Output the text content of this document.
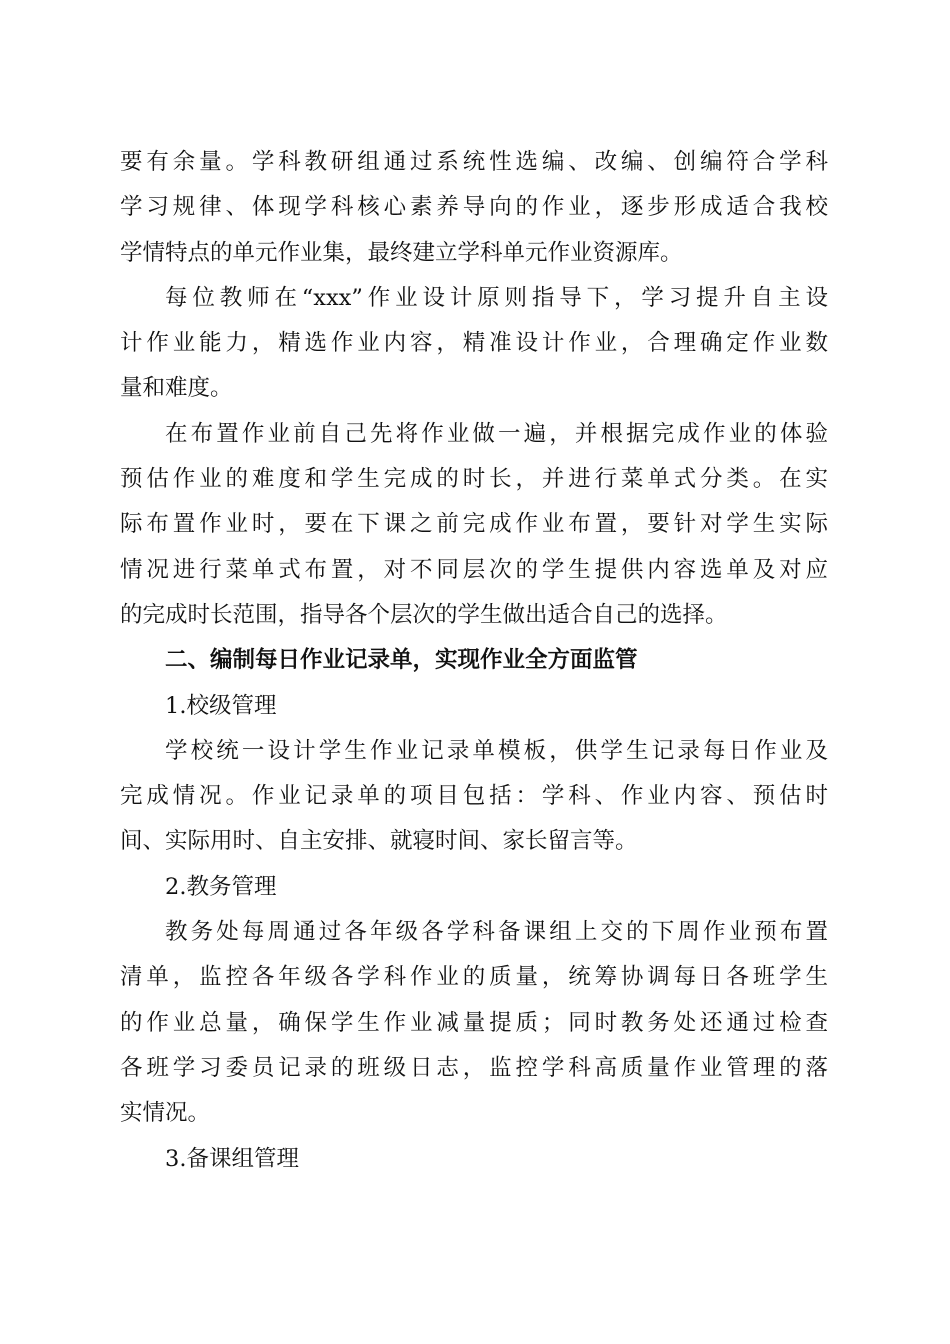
要有余量。学科教研组通过系统性选编、改编、创编符合学科
学习规律、体现学科核心素养导向的作业，逐步形成适合我校
学情特点的单元作业集，最终建立学科单元作业资源库。
每位教师在“xxx”作业设计原则指导下，学习提升自主设
计作业能力，精选作业内容，精准设计作业，合理确定作业数
量和难度。
在布置作业前自己先将作业做一遍，并根据完成作业的体验
预估作业的难度和学生完成的时长，并进行菜单式分类。在实
际布置作业时，要在下课之前完成作业布置，要针对学生实际
情况进行菜单式布置，对不同层次的学生提供内容选单及对应
的完成时长范围，指导各个层次的学生做出适合自己的选择。
二、编制每日作业记录单，实现作业全方面监管
1.校级管理
学校统一设计学生作业记录单模板，供学生记录每日作业及
完成情况。作业记录单的项目包括：学科、作业内容、预估时
间、实际用时、自主安排、就寝时间、家长留言等。
2.教务管理
教务处每周通过各年级各学科备课组上交的下周作业预布置
清单，监控各年级各学科作业的质量，统筹协调每日各班学生
的作业总量，确保学生作业减量提质；同时教务处还通过检查
各班学习委员记录的班级日志，监控学科高质量作业管理的落
实情况。
3.备课组管理
